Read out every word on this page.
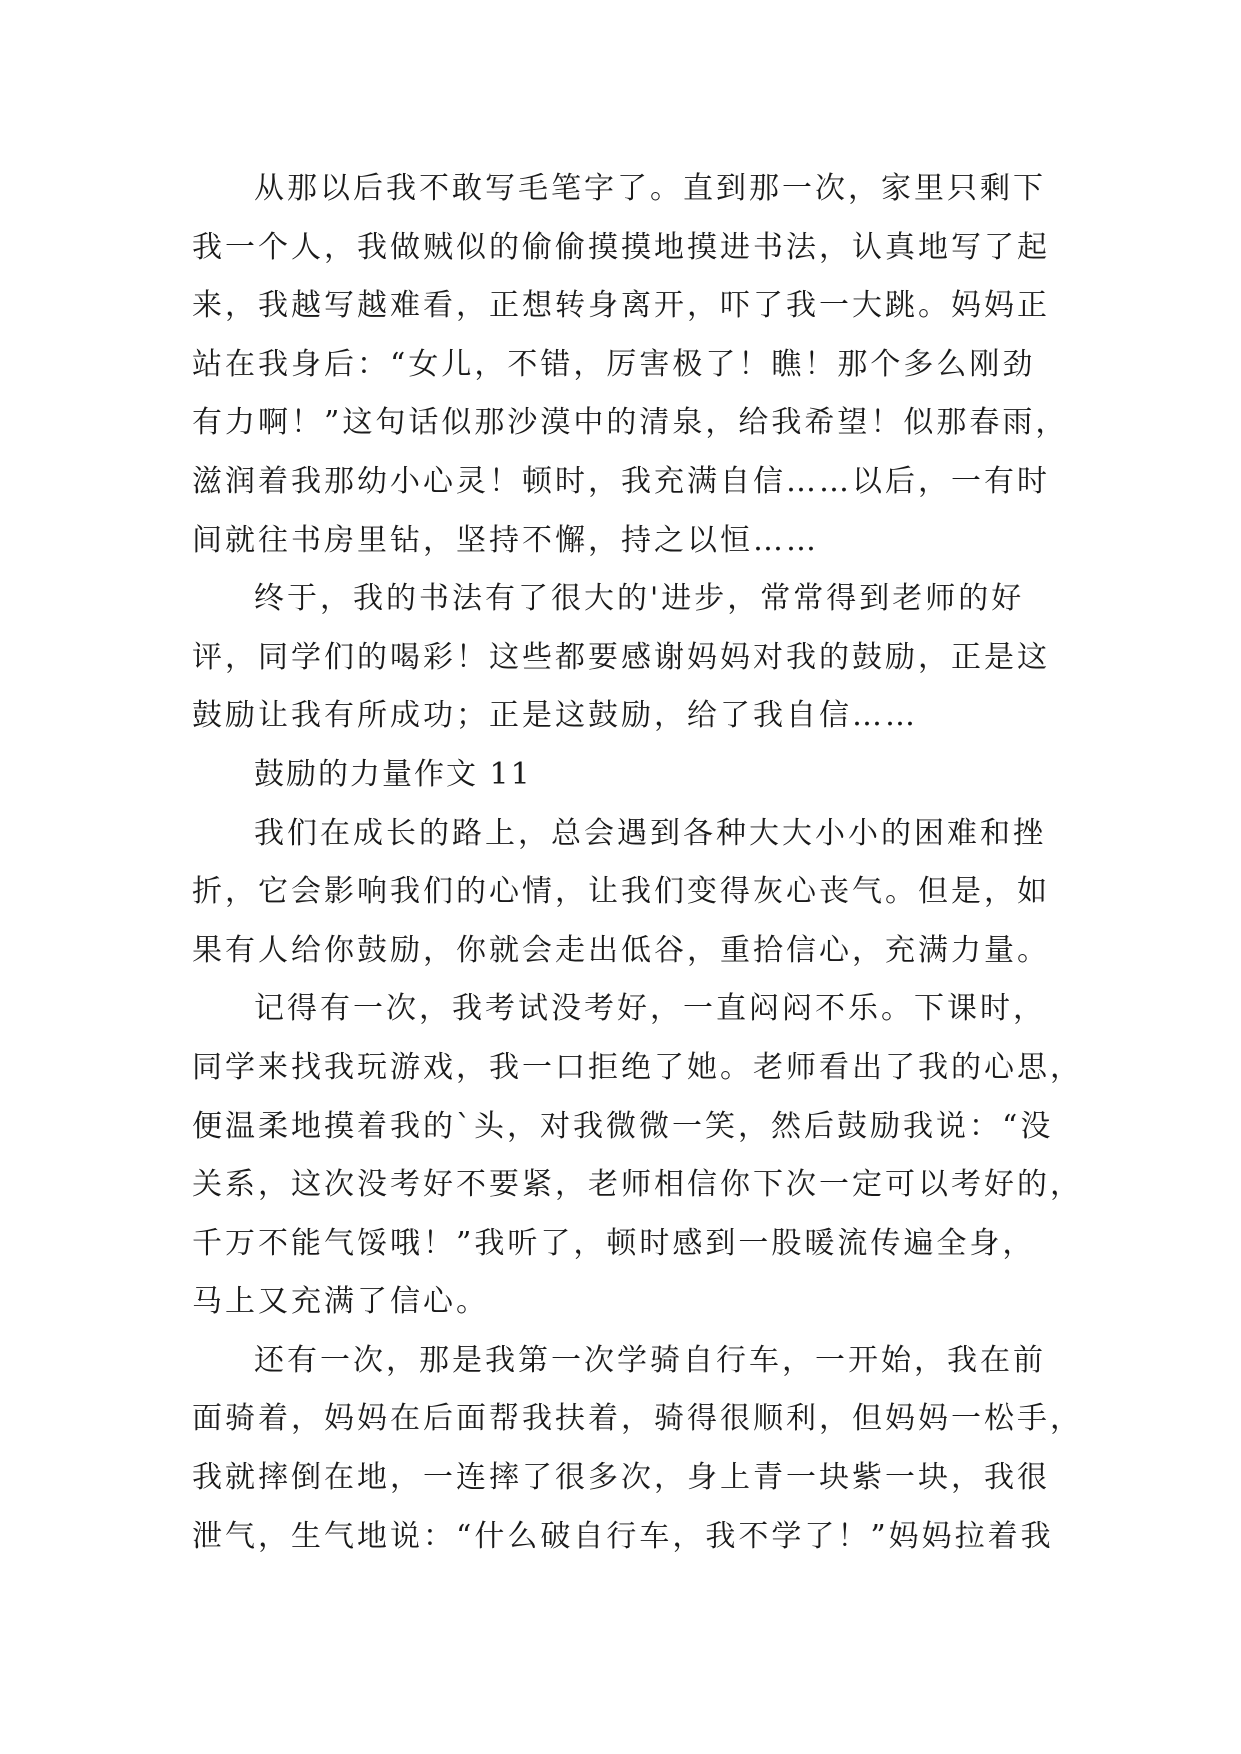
从那以后我不敢写毛笔字了。直到那一次，家里只剩下
我一个人，我做贼似的偷偷摸摸地摸进书法，认真地写了起
来，我越写越难看，正想转身离开，吓了我一大跳。妈妈正
站在我身后：“女儿，不错，厉害极了！瞧！那个多么刚劲
有力啊！”这句话似那沙漠中的清泉，给我希望！似那春雨，
滋润着我那幼小心灵！顿时，我充满自信……以后，一有时
间就往书房里钻，坚持不懈，持之以恒……
终于，我的书法有了很大的'进步，常常得到老师的好
评，同学们的喝彩！这些都要感谢妈妈对我的鼓励，正是这
鼓励让我有所成功；正是这鼓励，给了我自信……
鼓励的力量作文 11
我们在成长的路上，总会遇到各种大大小小的困难和挫
折，它会影响我们的心情，让我们变得灰心丧气。但是，如
果有人给你鼓励，你就会走出低谷，重拾信心，充满力量。
记得有一次，我考试没考好，一直闷闷不乐。下课时，
同学来找我玩游戏，我一口拒绝了她。老师看出了我的心思，
便温柔地摸着我的`头，对我微微一笑，然后鼓励我说：“没
关系，这次没考好不要紧，老师相信你下次一定可以考好的，
千万不能气馁哦！”我听了，顿时感到一股暖流传遍全身，
马上又充满了信心。
还有一次，那是我第一次学骑自行车，一开始，我在前
面骑着，妈妈在后面帮我扶着，骑得很顺利，但妈妈一松手，
我就摔倒在地，一连摔了很多次，身上青一块紫一块，我很
泄气，生气地说：“什么破自行车，我不学了！”妈妈拉着我
